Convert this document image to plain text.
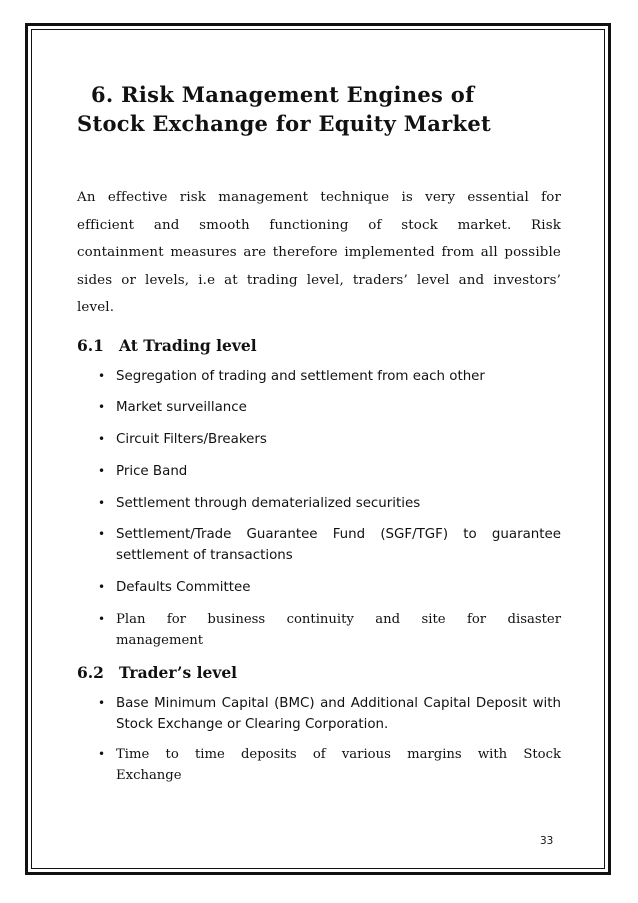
6. Risk Management Engines of
Stock Exchange for Equity Market

An effective risk management technique is very essential for efficient and smooth functioning of stock market. Risk containment measures are therefore implemented from all possible sides or levels, i.e at trading level, traders’ level and investors’ level.

6.1 At Trading level
• Segregation of trading and settlement from each other
• Market surveillance
• Circuit Filters/Breakers
• Price Band
• Settlement through dematerialized securities
• Settlement/Trade Guarantee Fund (SGF/TGF) to guarantee settlement of transactions
• Defaults Committee
• Plan for business continuity and site for disaster management
6.2 Trader’s level
• Base Minimum Capital (BMC) and Additional Capital Deposit with Stock Exchange or Clearing Corporation.
• Time to time deposits of various margins with Stock Exchange
33
